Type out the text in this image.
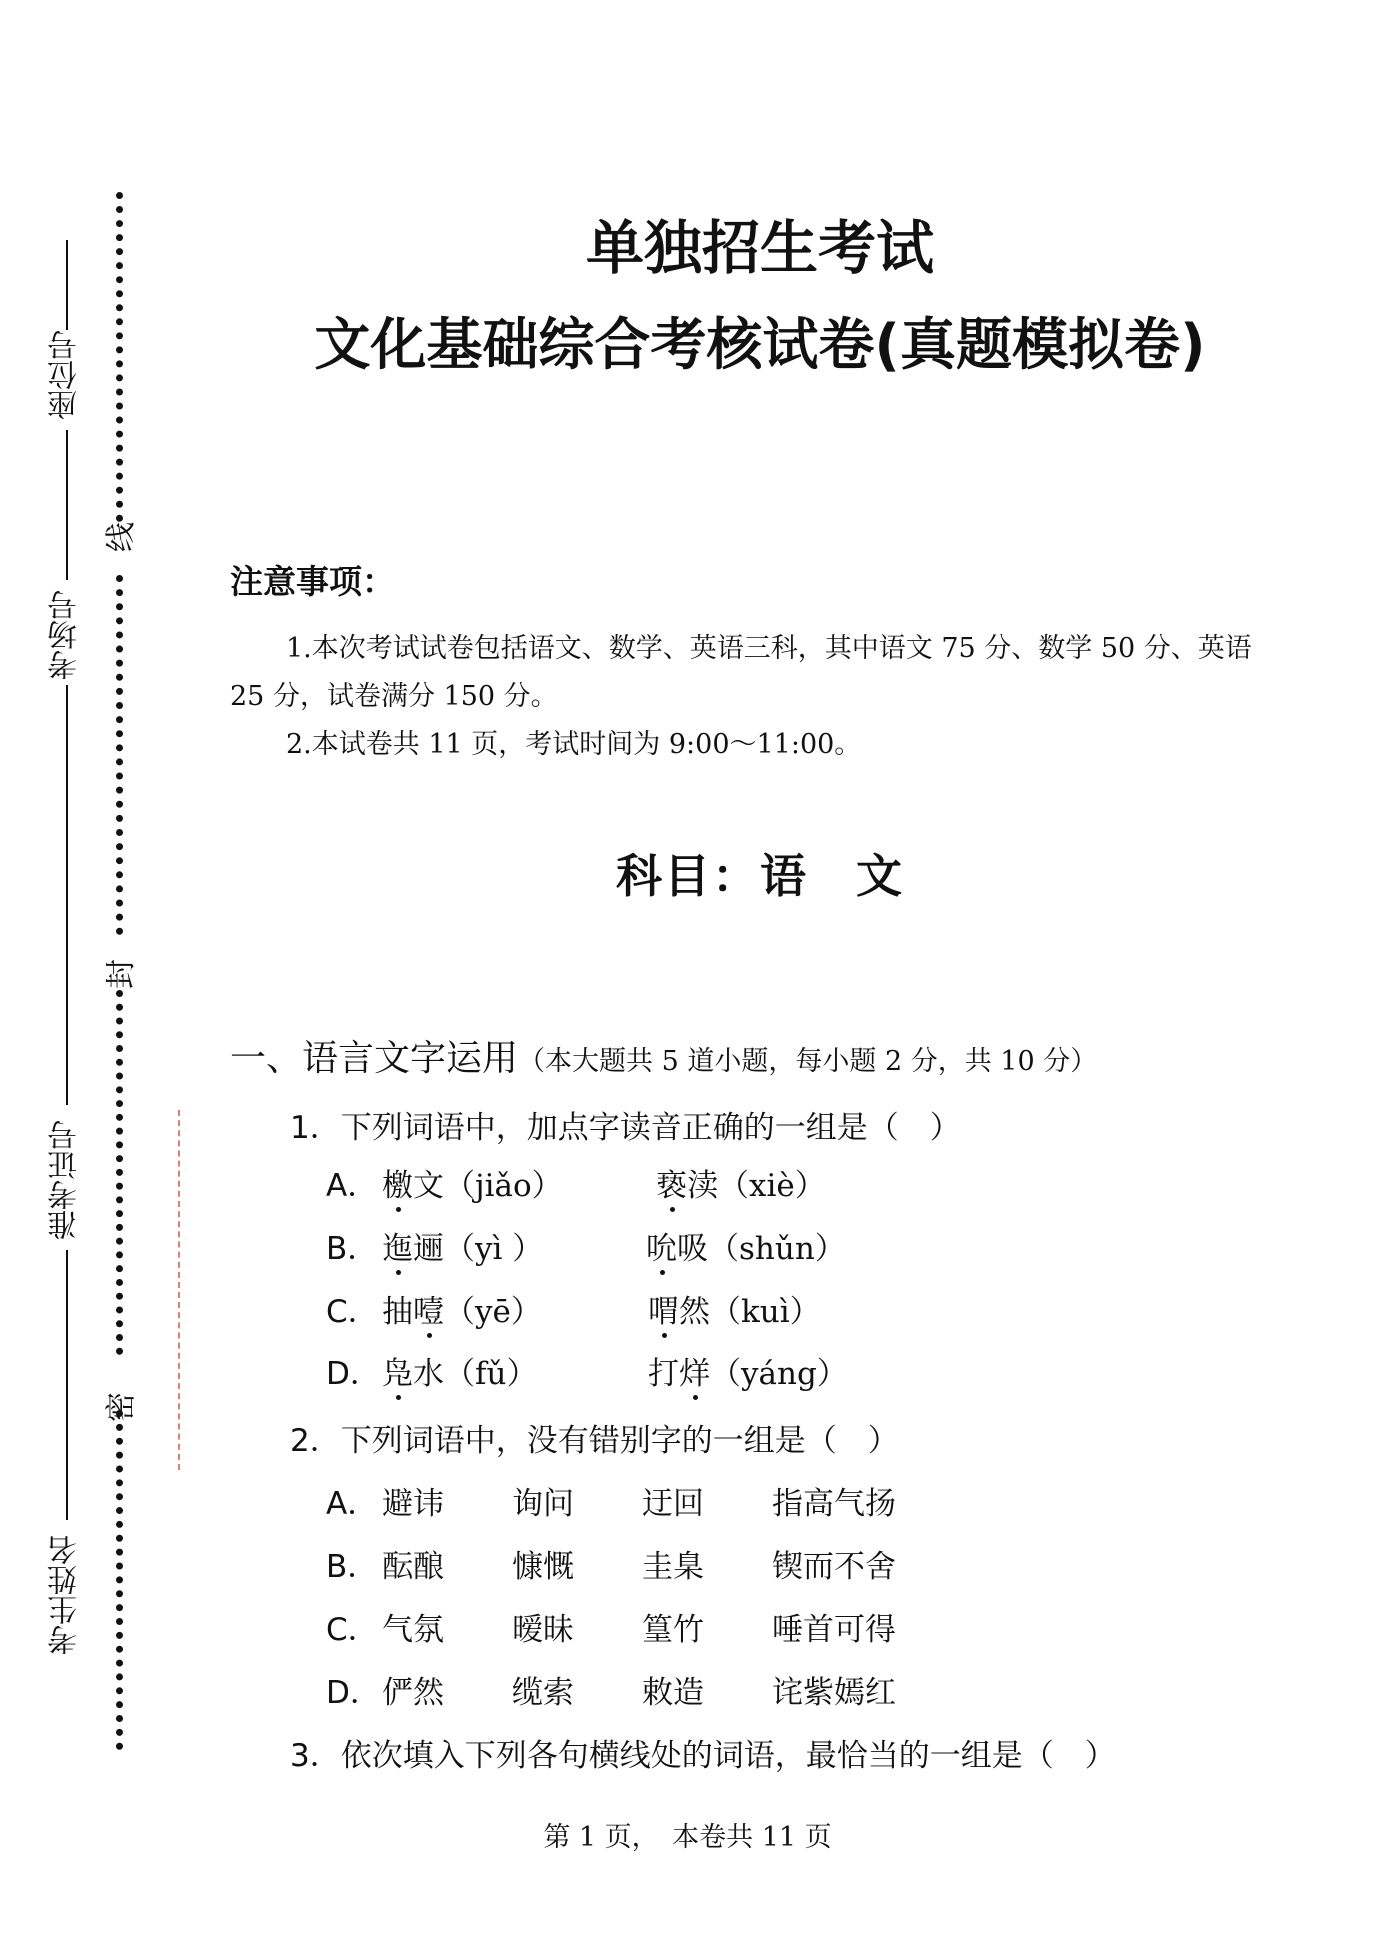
线
封
密
座位号
考场号
准考证号
考生姓名
单独招生考试
文化基础综合考核试卷(真题模拟卷)
注意事项：
1.本次考试试卷包括语文、数学、英语三科，其中语文 75 分、数学 50 分、英语 25 分，试卷满分 150 分。
2.本试卷共 11 页，考试时间为 9:00～11:00。
科目：语　文
一、语言文字运用（本大题共 5 道小题，每小题 2 分，共 10 分）
1．下列词语中，加点字读音正确的一组是（　）
A． 檄文（jiǎo）	亵渎（xiè）
B． 迤逦（yì ）	吮吸（shǔn）
C． 抽噎（yē）	喟然（kuì）
D． 凫水（fǔ）	打烊（yáng）
2．下列词语中，没有错别字的一组是（　）
A． 避讳 询问 迂回 指高气扬
B． 酝酿 慷慨 圭臬 锲而不舍
C． 气氛 暧昧 篁竹 唾首可得
D． 俨然 缆索 敕造 诧紫嫣红
3．依次填入下列各句横线处的词语，最恰当的一组是（　）
第 1 页，　本卷共 11 页
